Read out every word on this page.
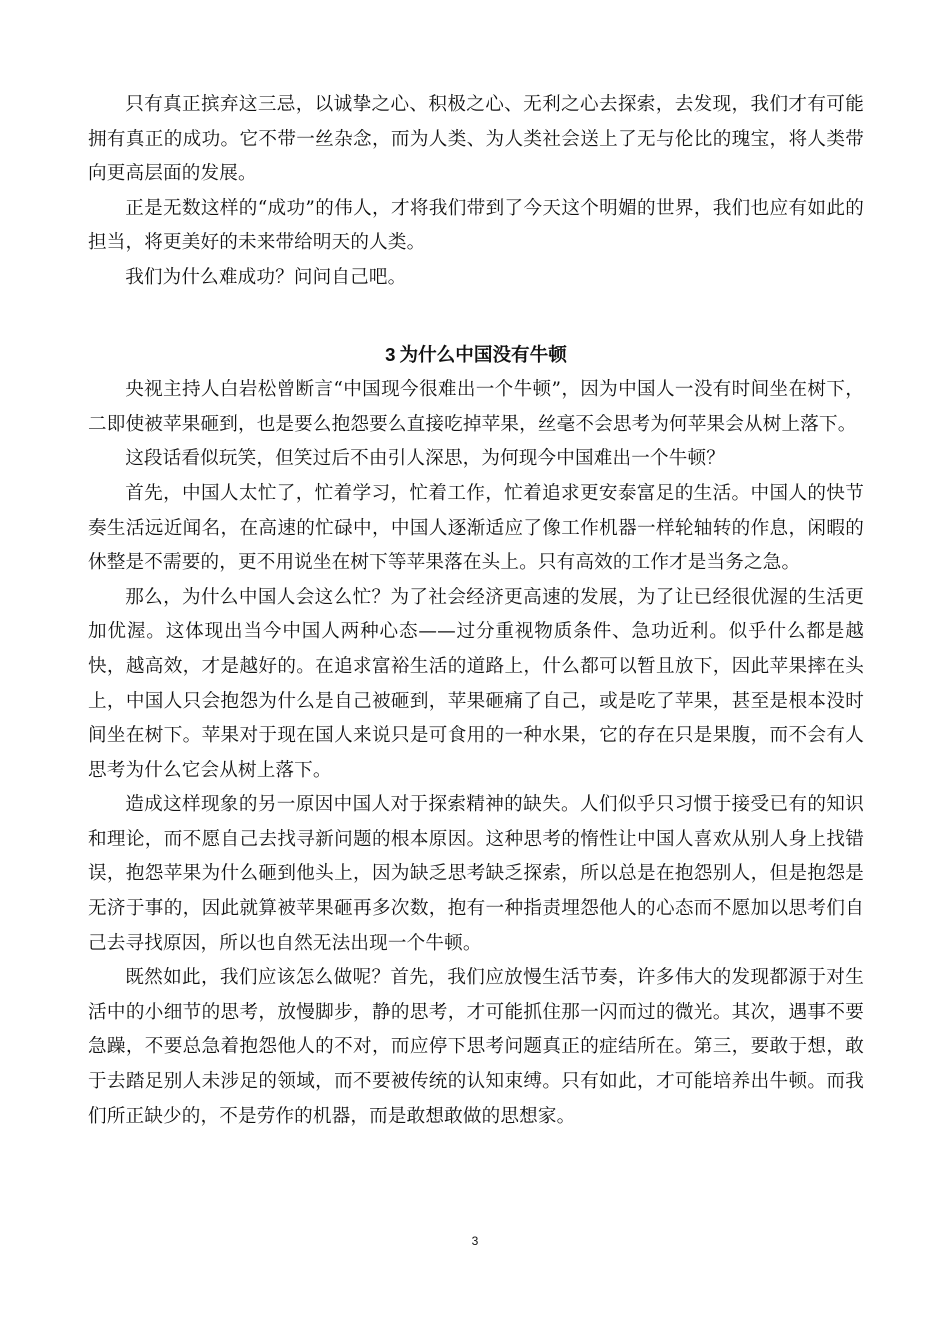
只有真正摈弃这三忌，以诚挚之心、积极之心、无利之心去探索，去发现，我们才有可能拥有真正的成功。它不带一丝杂念，而为人类、为人类社会送上了无与伦比的瑰宝，将人类带向更高层面的发展。

正是无数这样的“成功”的伟人，才将我们带到了今天这个明媚的世界，我们也应有如此的担当，将更美好的未来带给明天的人类。

我们为什么难成功？问问自己吧。

3 为什么中国没有牛顿

央视主持人白岩松曾断言“中国现今很难出一个牛顿”，因为中国人一没有时间坐在树下，二即使被苹果砸到，也是要么抱怨要么直接吃掉苹果，丝毫不会思考为何苹果会从树上落下。

这段话看似玩笑，但笑过后不由引人深思，为何现今中国难出一个牛顿？

首先，中国人太忙了，忙着学习，忙着工作，忙着追求更安泰富足的生活。中国人的快节奏生活远近闻名，在高速的忙碌中，中国人逐渐适应了像工作机器一样轮轴转的作息，闲暇的休整是不需要的，更不用说坐在树下等苹果落在头上。只有高效的工作才是当务之急。

那么，为什么中国人会这么忙？为了社会经济更高速的发展，为了让已经很优渥的生活更加优渥。这体现出当今中国人两种心态——过分重视物质条件、急功近利。似乎什么都是越快，越高效，才是越好的。在追求富裕生活的道路上，什么都可以暂且放下，因此苹果摔在头上，中国人只会抱怨为什么是自己被砸到，苹果砸痛了自己，或是吃了苹果，甚至是根本没时间坐在树下。苹果对于现在国人来说只是可食用的一种水果，它的存在只是果腹，而不会有人思考为什么它会从树上落下。

造成这样现象的另一原因中国人对于探索精神的缺失。人们似乎只习惯于接受已有的知识和理论，而不愿自己去找寻新问题的根本原因。这种思考的惰性让中国人喜欢从别人身上找错误，抱怨苹果为什么砸到他头上，因为缺乏思考缺乏探索，所以总是在抱怨别人，但是抱怨是无济于事的，因此就算被苹果砸再多次数，抱有一种指责埋怨他人的心态而不愿加以思考们自己去寻找原因，所以也自然无法出现一个牛顿。

既然如此，我们应该怎么做呢？首先，我们应放慢生活节奏，许多伟大的发现都源于对生活中的小细节的思考，放慢脚步，静的思考，才可能抓住那一闪而过的微光。其次，遇事不要急躁，不要总急着抱怨他人的不对，而应停下思考问题真正的症结所在。第三，要敢于想，敢于去踏足别人未涉足的领域，而不要被传统的认知束缚。只有如此，才可能培养出牛顿。而我们所正缺少的，不是劳作的机器，而是敢想敢做的思想家。

3
